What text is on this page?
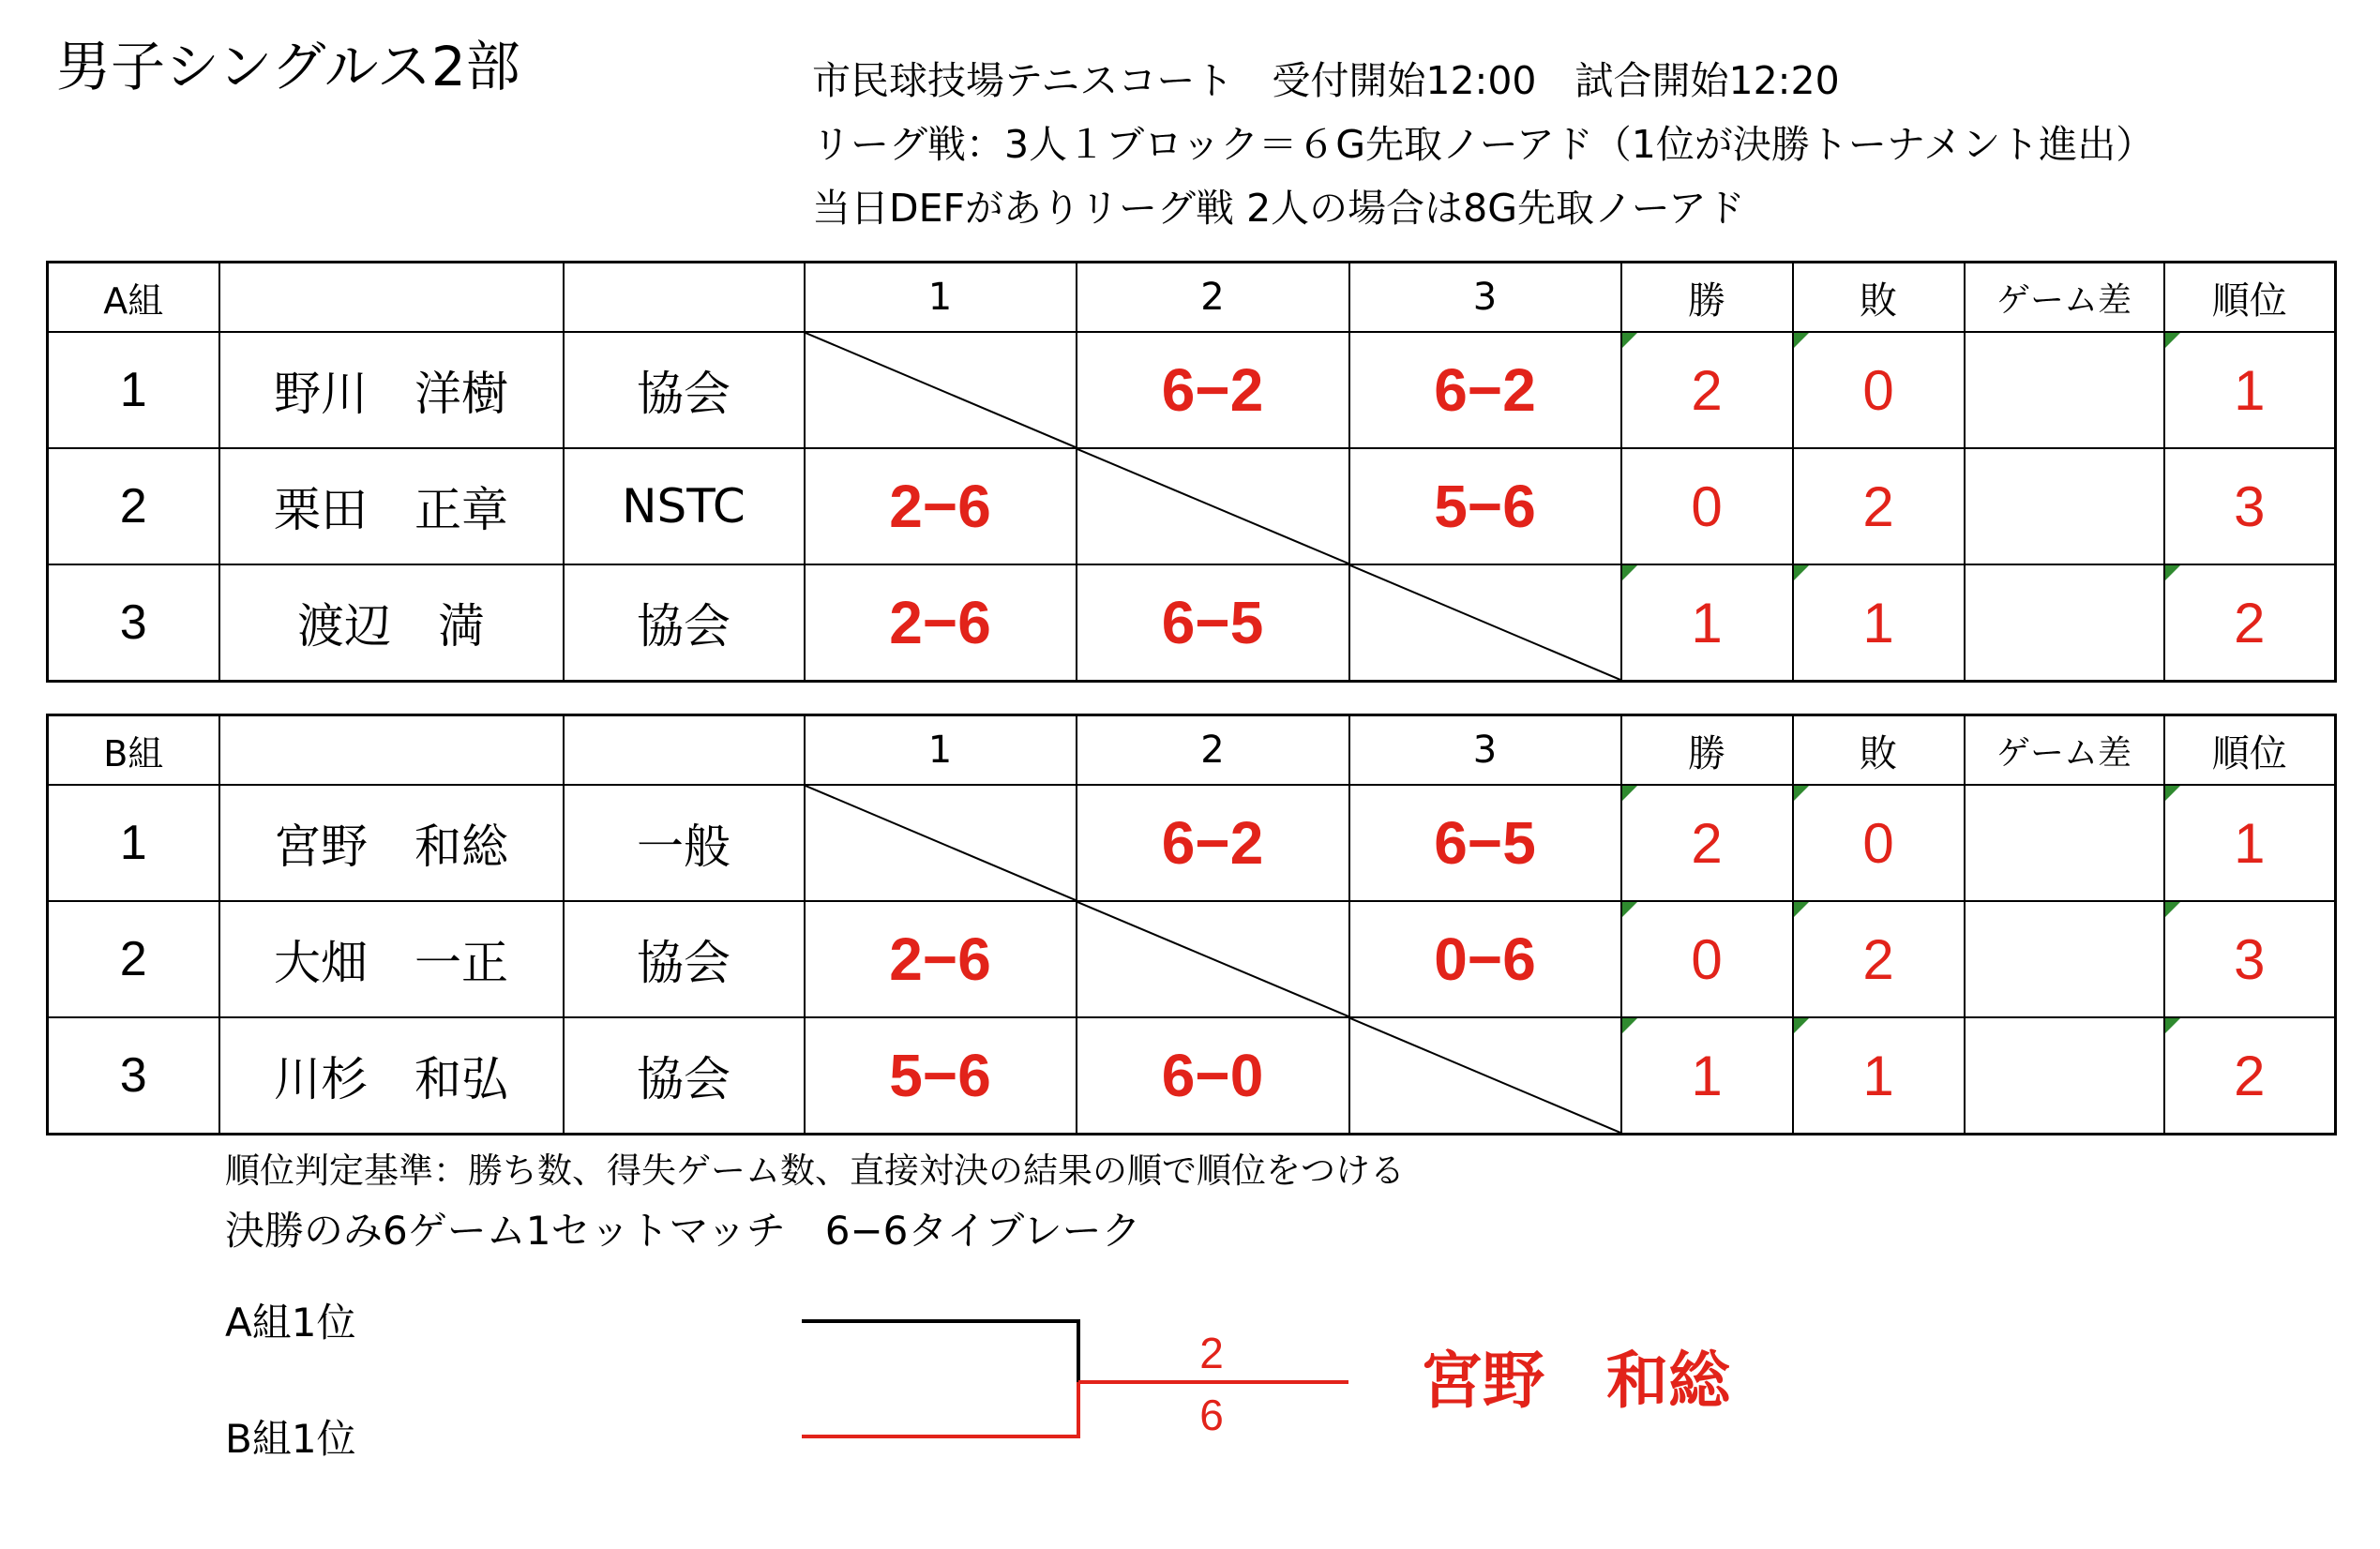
男子シングルス2部	市民球技場テニスコート　受付開始12:00　試合開始12:20
リーグ戦：3人１ブロック＝６G先取ノーアド（1位が決勝トーナメント進出）
当日DEFがありリーグ戦 2人の場合は8G先取ノーアド
A組			1	2	3	勝	敗	ゲーム差	順位
1	野川　洋樹	協会		6−2	6−2	2	0		1
2	栗田　正章	NSTC	2−6		5−6	0	2		3
3	渡辺　満	協会	2−6	6−5		1	1		2
B組			1	2	3	勝	敗	ゲーム差	順位
1	宮野　和総	一般		6−2	6−5	2	0		1
2	大畑　一正	協会	2−6		0−6	0	2		3
3	川杉　和弘	協会	5−6	6−0		1	1		2
順位判定基準：勝ち数、得失ゲーム数、直接対決の結果の順で順位をつける
決勝のみ6ゲーム1セットマッチ　6−6タイブレーク
A組1位
B組1位
2
6	宮野　和総
